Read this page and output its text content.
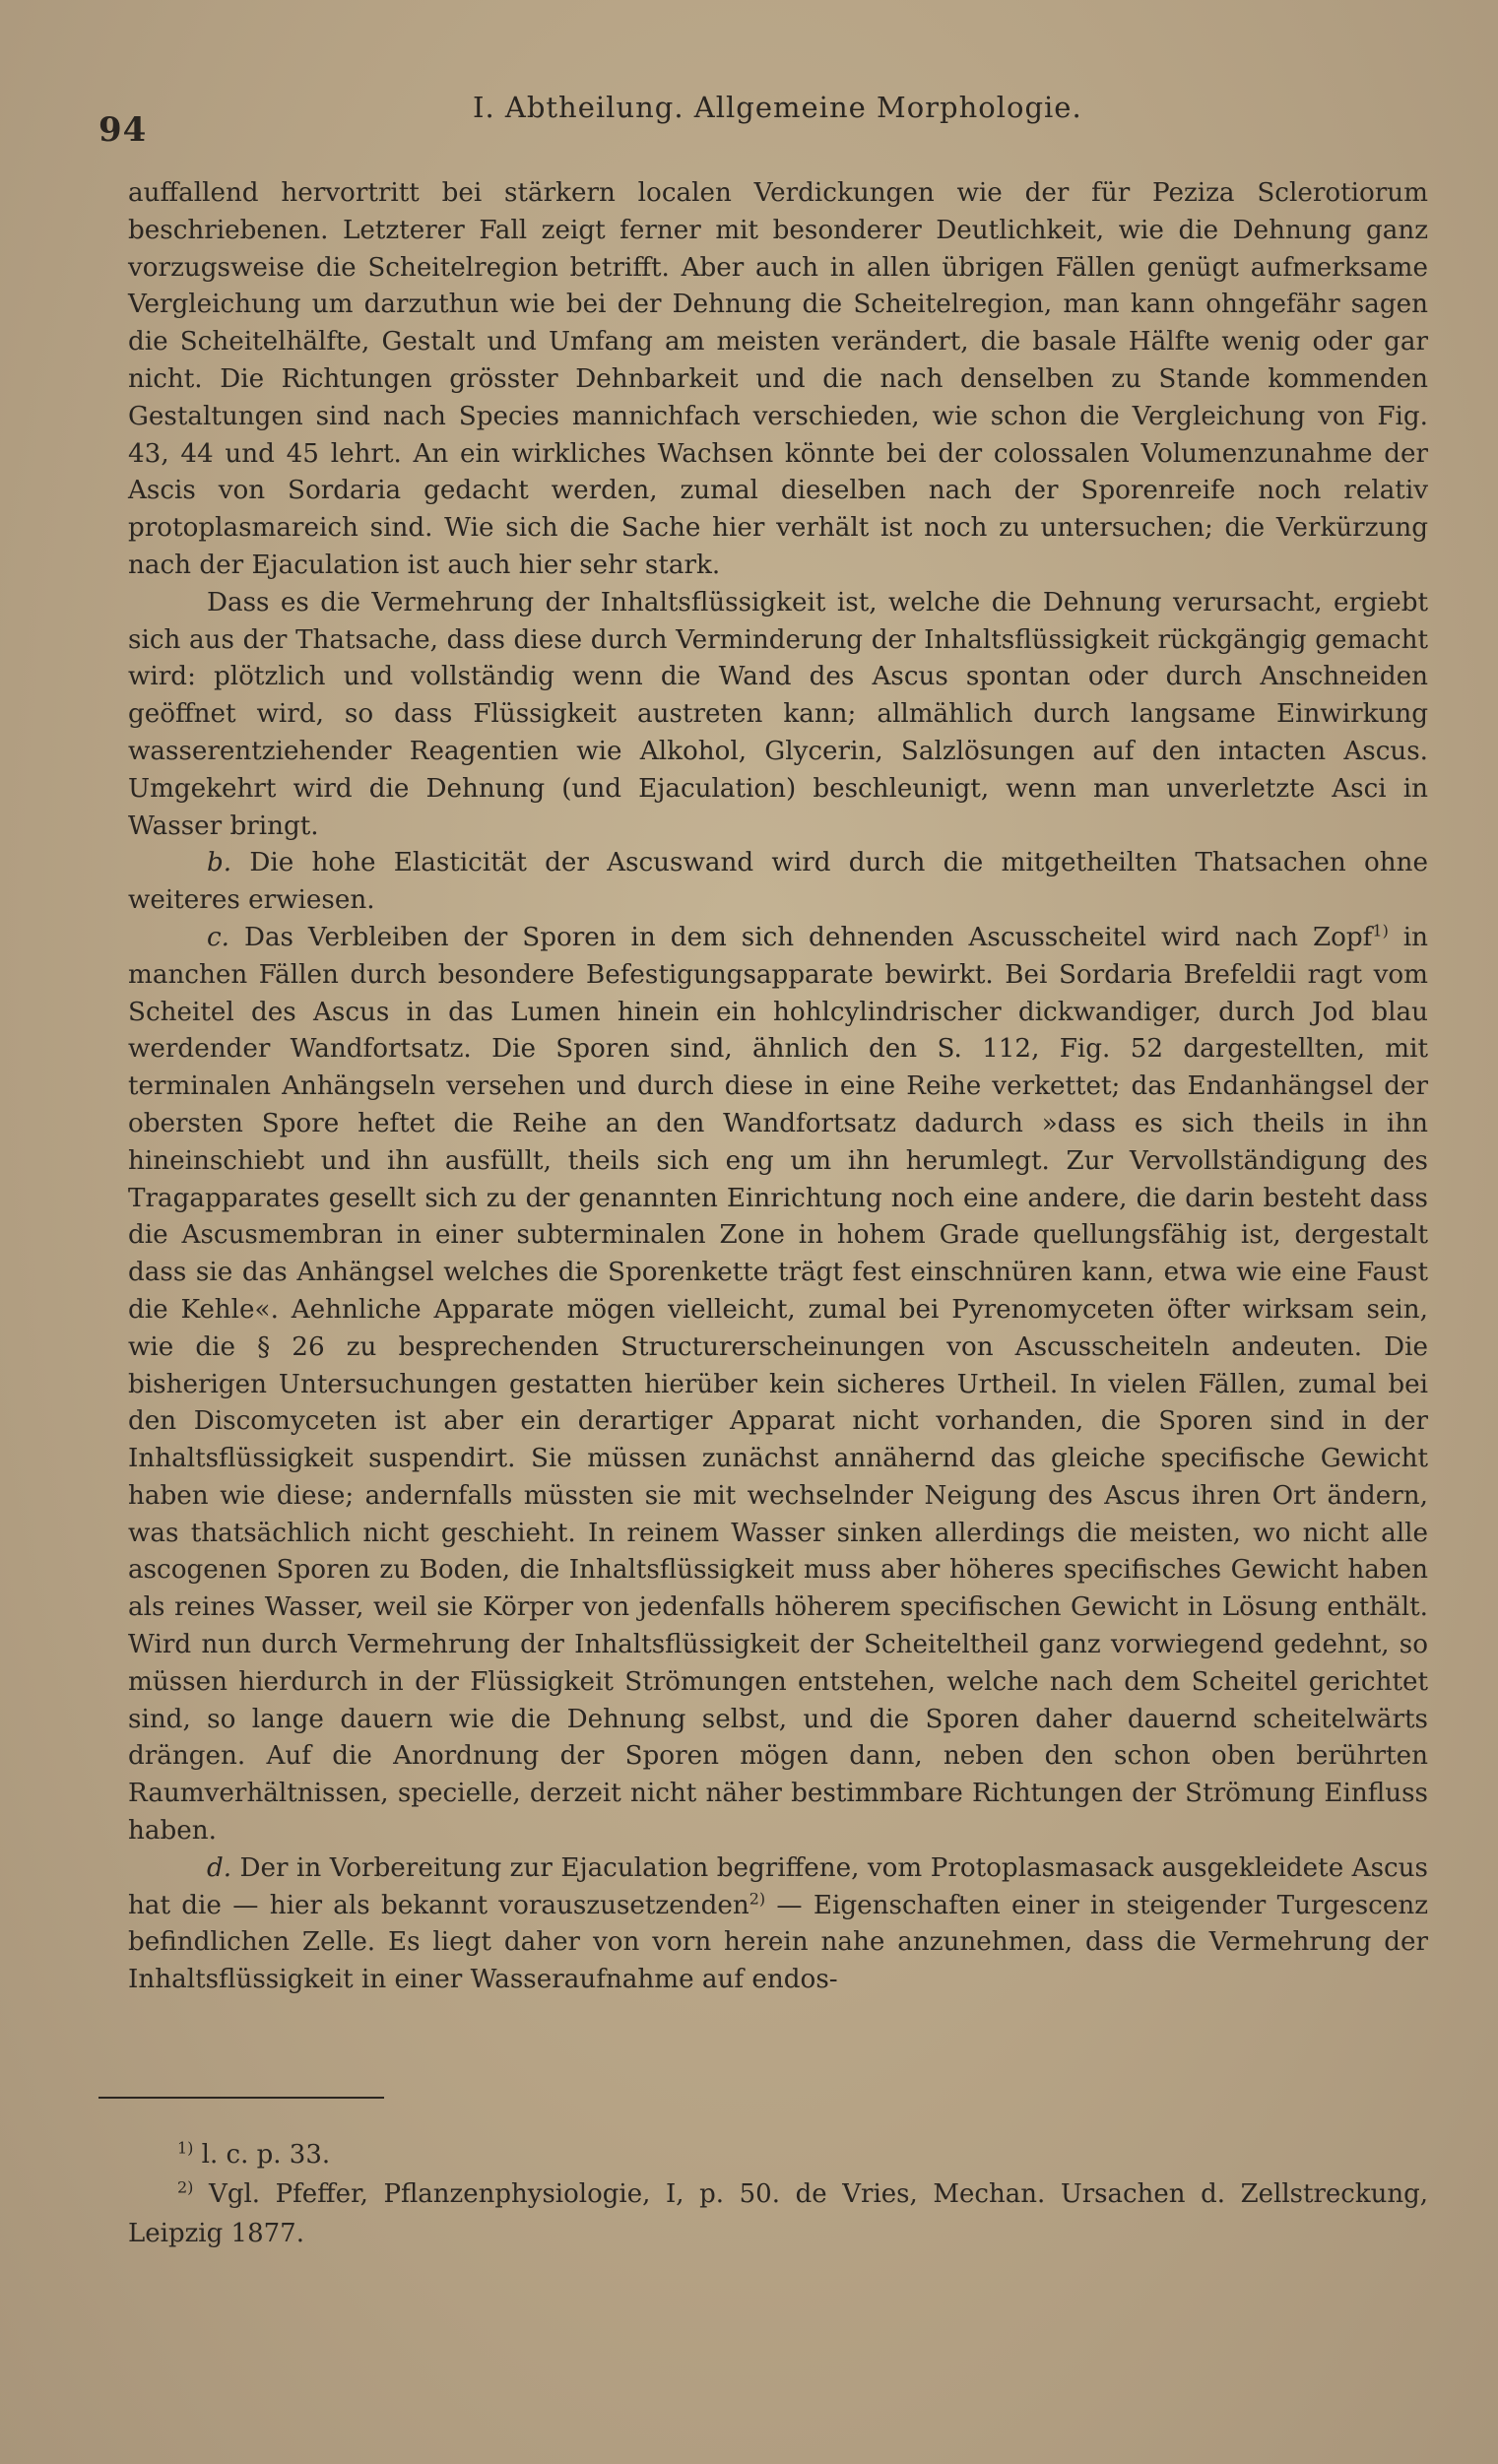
94
I. Abtheilung. Allgemeine Morphologie.

auffallend hervortritt bei stärkern localen Verdickungen wie der für Peziza Sclerotiorum beschriebenen. Letzterer Fall zeigt ferner mit besonderer Deutlichkeit, wie die Dehnung ganz vorzugsweise die Scheitelregion betrifft. Aber auch in allen übrigen Fällen genügt aufmerksame Vergleichung um darzuthun wie bei der Dehnung die Scheitelregion, man kann ohngefähr sagen die Scheitelhälfte, Gestalt und Umfang am meisten verändert, die basale Hälfte wenig oder gar nicht. Die Richtungen grösster Dehnbarkeit und die nach denselben zu Stande kommenden Gestaltungen sind nach Species mannichfach verschieden, wie schon die Vergleichung von Fig. 43, 44 und 45 lehrt. An ein wirkliches Wachsen könnte bei der colossalen Volumenzunahme der Ascis von Sordaria gedacht werden, zumal dieselben nach der Sporenreife noch relativ protoplasmareich sind. Wie sich die Sache hier verhält ist noch zu untersuchen; die Verkürzung nach der Ejaculation ist auch hier sehr stark.

Dass es die Vermehrung der Inhaltsflüssigkeit ist, welche die Dehnung verursacht, ergiebt sich aus der Thatsache, dass diese durch Verminderung der Inhaltsflüssigkeit rückgängig gemacht wird: plötzlich und vollständig wenn die Wand des Ascus spontan oder durch Anschneiden geöffnet wird, so dass Flüssigkeit austreten kann; allmählich durch langsame Einwirkung wasserentziehender Reagentien wie Alkohol, Glycerin, Salzlösungen auf den intacten Ascus. Umgekehrt wird die Dehnung (und Ejaculation) beschleunigt, wenn man unverletzte Asci in Wasser bringt.

b. Die hohe Elasticität der Ascuswand wird durch die mitgetheilten Thatsachen ohne weiteres erwiesen.

c. Das Verbleiben der Sporen in dem sich dehnenden Ascusscheitel wird nach Zopf$^{1)}$ in manchen Fällen durch besondere Befestigungsapparate bewirkt. Bei Sordaria Brefeldii ragt vom Scheitel des Ascus in das Lumen hinein ein hohlcylindrischer dickwandiger, durch Jod blau werdender Wandfortsatz. Die Sporen sind, ähnlich den S. 112, Fig. 52 dargestellten, mit terminalen Anhängseln versehen und durch diese in eine Reihe verkettet; das Endanhängsel der obersten Spore heftet die Reihe an den Wandfortsatz dadurch »dass es sich theils in ihn hineinschiebt und ihn ausfüllt, theils sich eng um ihn herumlegt. Zur Vervollständigung des Tragapparates gesellt sich zu der genannten Einrichtung noch eine andere, die darin besteht dass die Ascusmembran in einer subterminalen Zone in hohem Grade quellungsfähig ist, dergestalt dass sie das Anhängsel welches die Sporenkette trägt fest einschnüren kann, etwa wie eine Faust die Kehle«. Aehnliche Apparate mögen vielleicht, zumal bei Pyrenomyceten öfter wirksam sein, wie die § 26 zu besprechenden Structurerscheinungen von Ascusscheiteln andeuten. Die bisherigen Untersuchungen gestatten hierüber kein sicheres Urtheil. In vielen Fällen, zumal bei den Discomyceten ist aber ein derartiger Apparat nicht vorhanden, die Sporen sind in der Inhaltsflüssigkeit suspendirt. Sie müssen zunächst annähernd das gleiche specifische Gewicht haben wie diese; andernfalls müssten sie mit wechselnder Neigung des Ascus ihren Ort ändern, was thatsächlich nicht geschieht. In reinem Wasser sinken allerdings die meisten, wo nicht alle ascogenen Sporen zu Boden, die Inhaltsflüssigkeit muss aber höheres specifisches Gewicht haben als reines Wasser, weil sie Körper von jedenfalls höherem specifischen Gewicht in Lösung enthält. Wird nun durch Vermehrung der Inhaltsflüssigkeit der Scheiteltheil ganz vorwiegend gedehnt, so müssen hierdurch in der Flüssigkeit Strömungen entstehen, welche nach dem Scheitel gerichtet sind, so lange dauern wie die Dehnung selbst, und die Sporen daher dauernd scheitelwärts drängen. Auf die Anordnung der Sporen mögen dann, neben den schon oben berührten Raumverhältnissen, specielle, derzeit nicht näher bestimmbare Richtungen der Strömung Einfluss haben.

d. Der in Vorbereitung zur Ejaculation begriffene, vom Protoplasmasack ausgekleidete Ascus hat die — hier als bekannt vorauszusetzenden$^{2)}$ — Eigenschaften einer in steigender Turgescenz befindlichen Zelle. Es liegt daher von vorn herein nahe anzunehmen, dass die Vermehrung der Inhaltsflüssigkeit in einer Wasseraufnahme auf endos-

$^{1)}$ l. c. p. 33.

$^{2)}$ Vgl. Pfeffer, Pflanzenphysiologie, I, p. 50. de Vries, Mechan. Ursachen d. Zellstreckung, Leipzig 1877.
